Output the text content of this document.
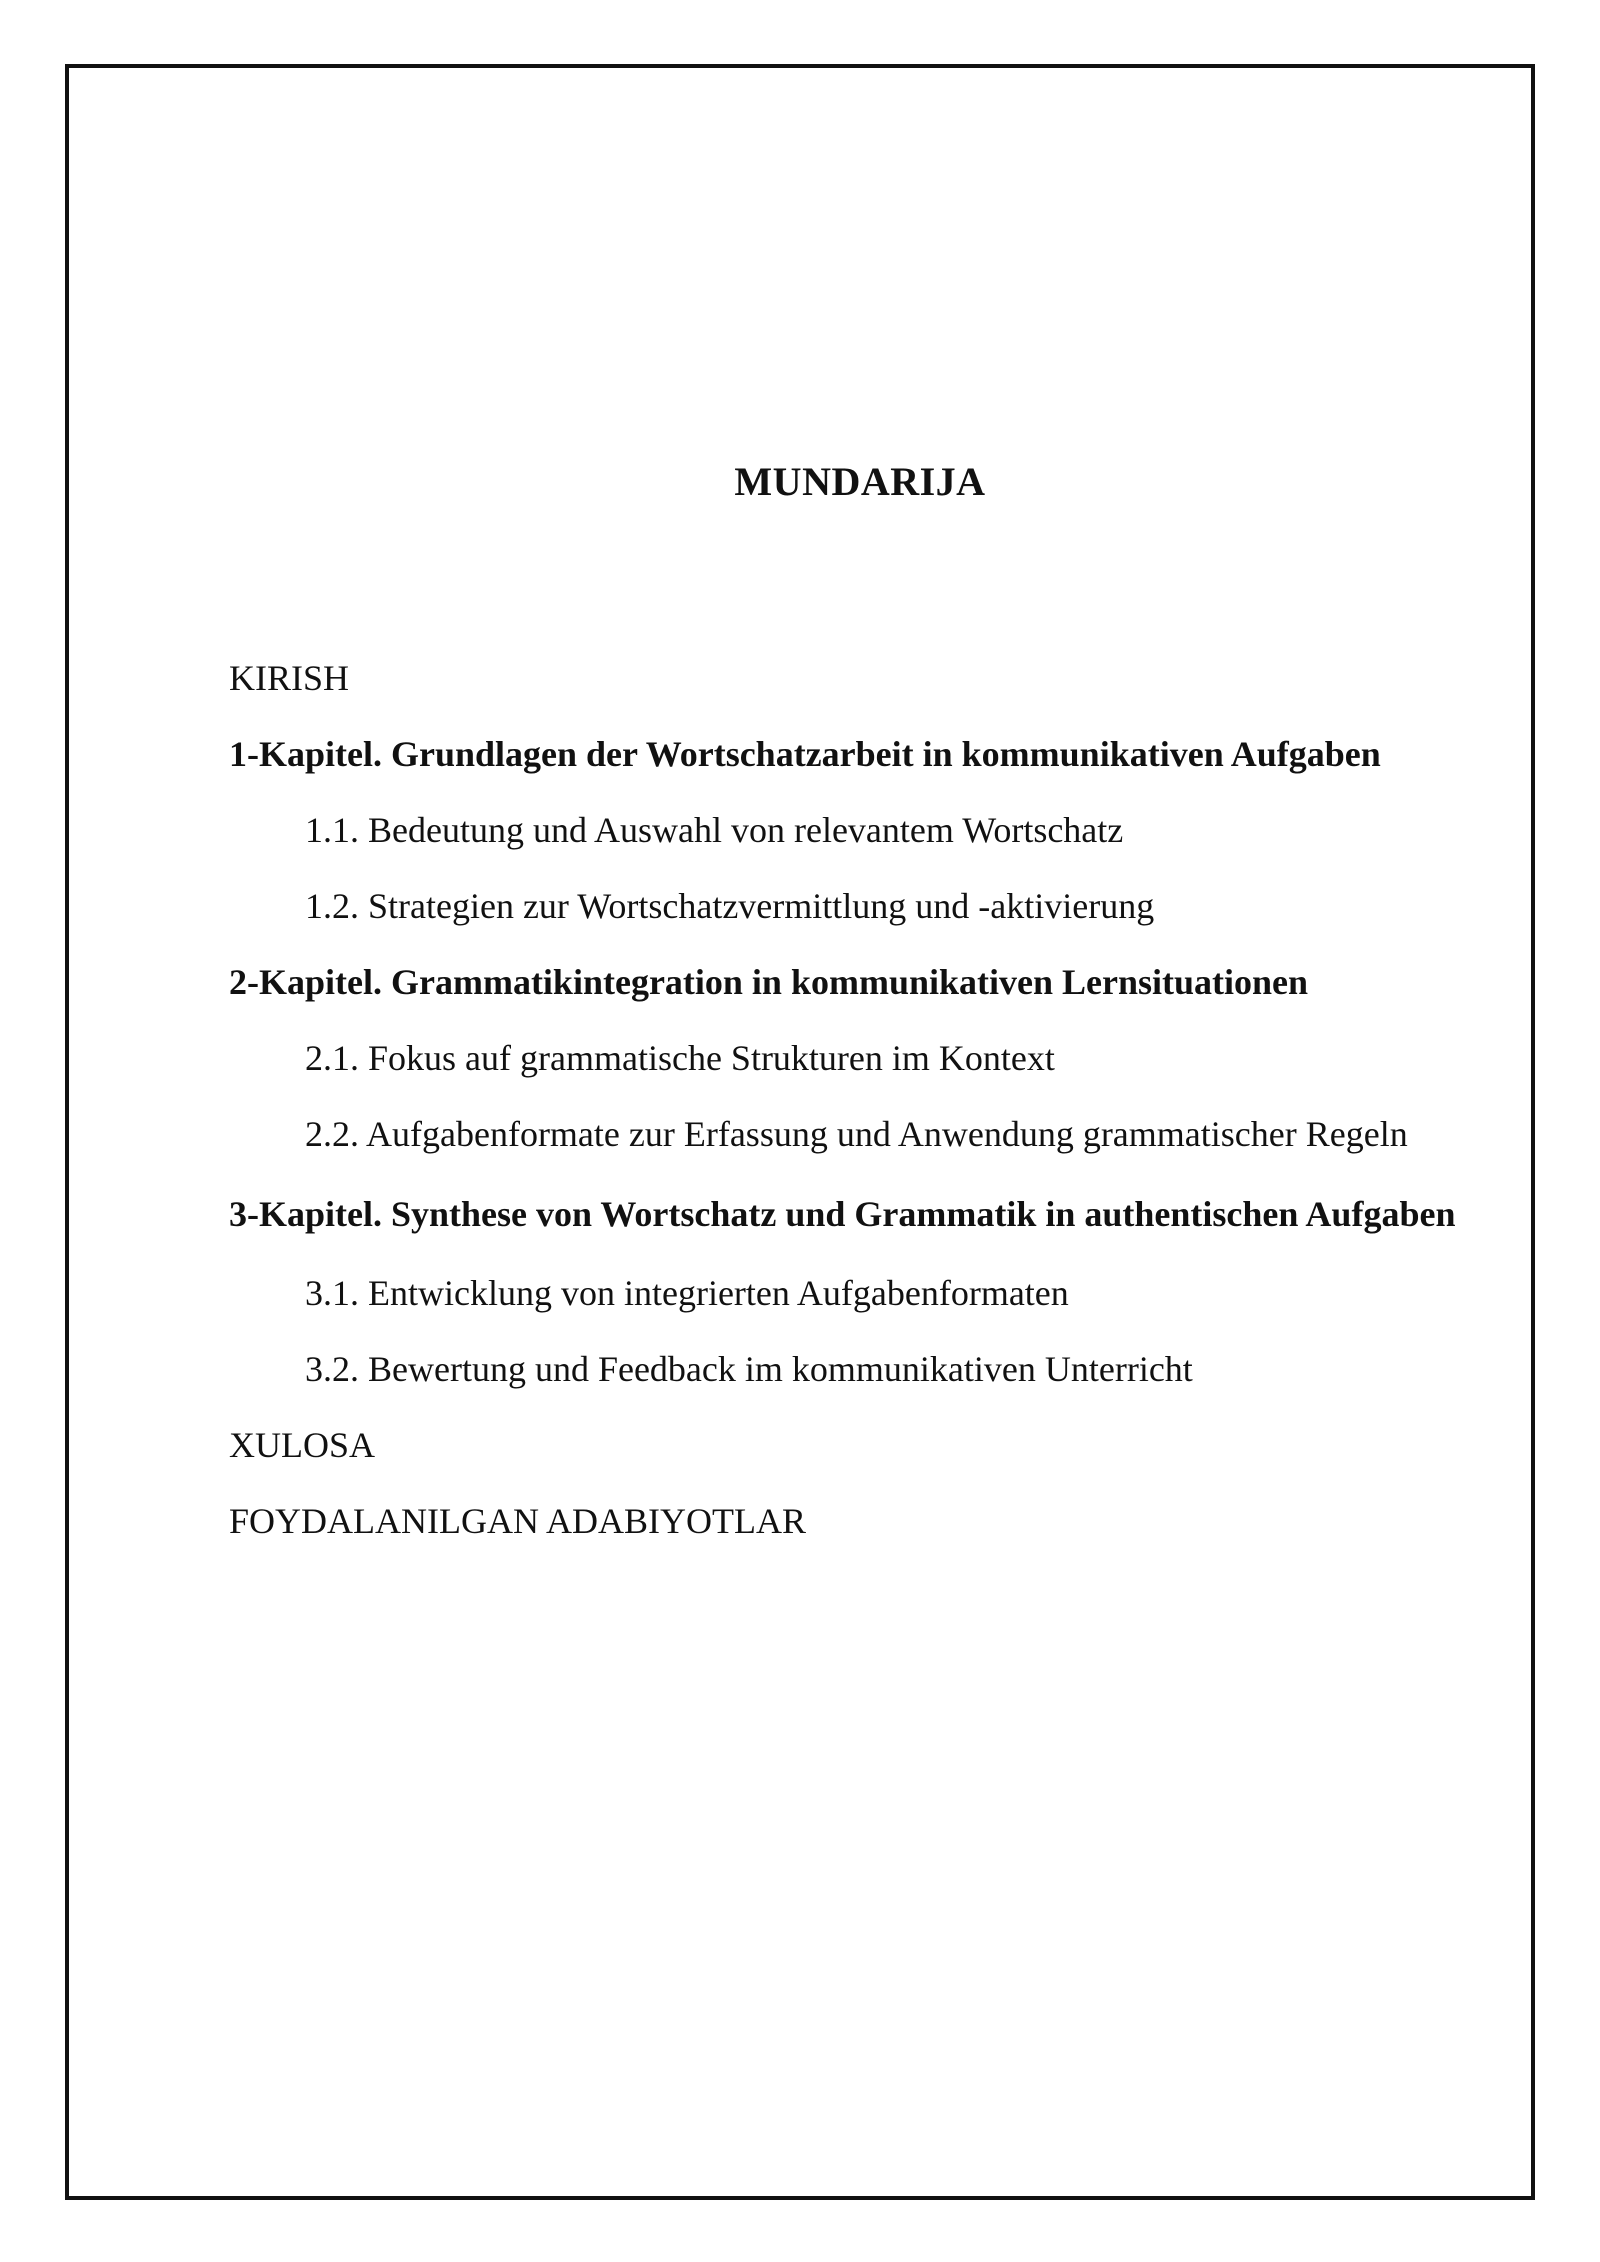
MUNDARIJA
KIRISH
1-Kapitel. Grundlagen der Wortschatzarbeit in kommunikativen Aufgaben
1.1. Bedeutung und Auswahl von relevantem Wortschatz
1.2. Strategien zur Wortschatzvermittlung und -aktivierung
2-Kapitel. Grammatikintegration in kommunikativen Lernsituationen
2.1. Fokus auf grammatische Strukturen im Kontext
2.2. Aufgabenformate zur Erfassung und Anwendung grammatischer Regeln
3-Kapitel. Synthese von Wortschatz und Grammatik in authentischen Aufgaben
3.1. Entwicklung von integrierten Aufgabenformaten
3.2. Bewertung und Feedback im kommunikativen Unterricht
XULOSA
FOYDALANILGAN ADABIYOTLAR
